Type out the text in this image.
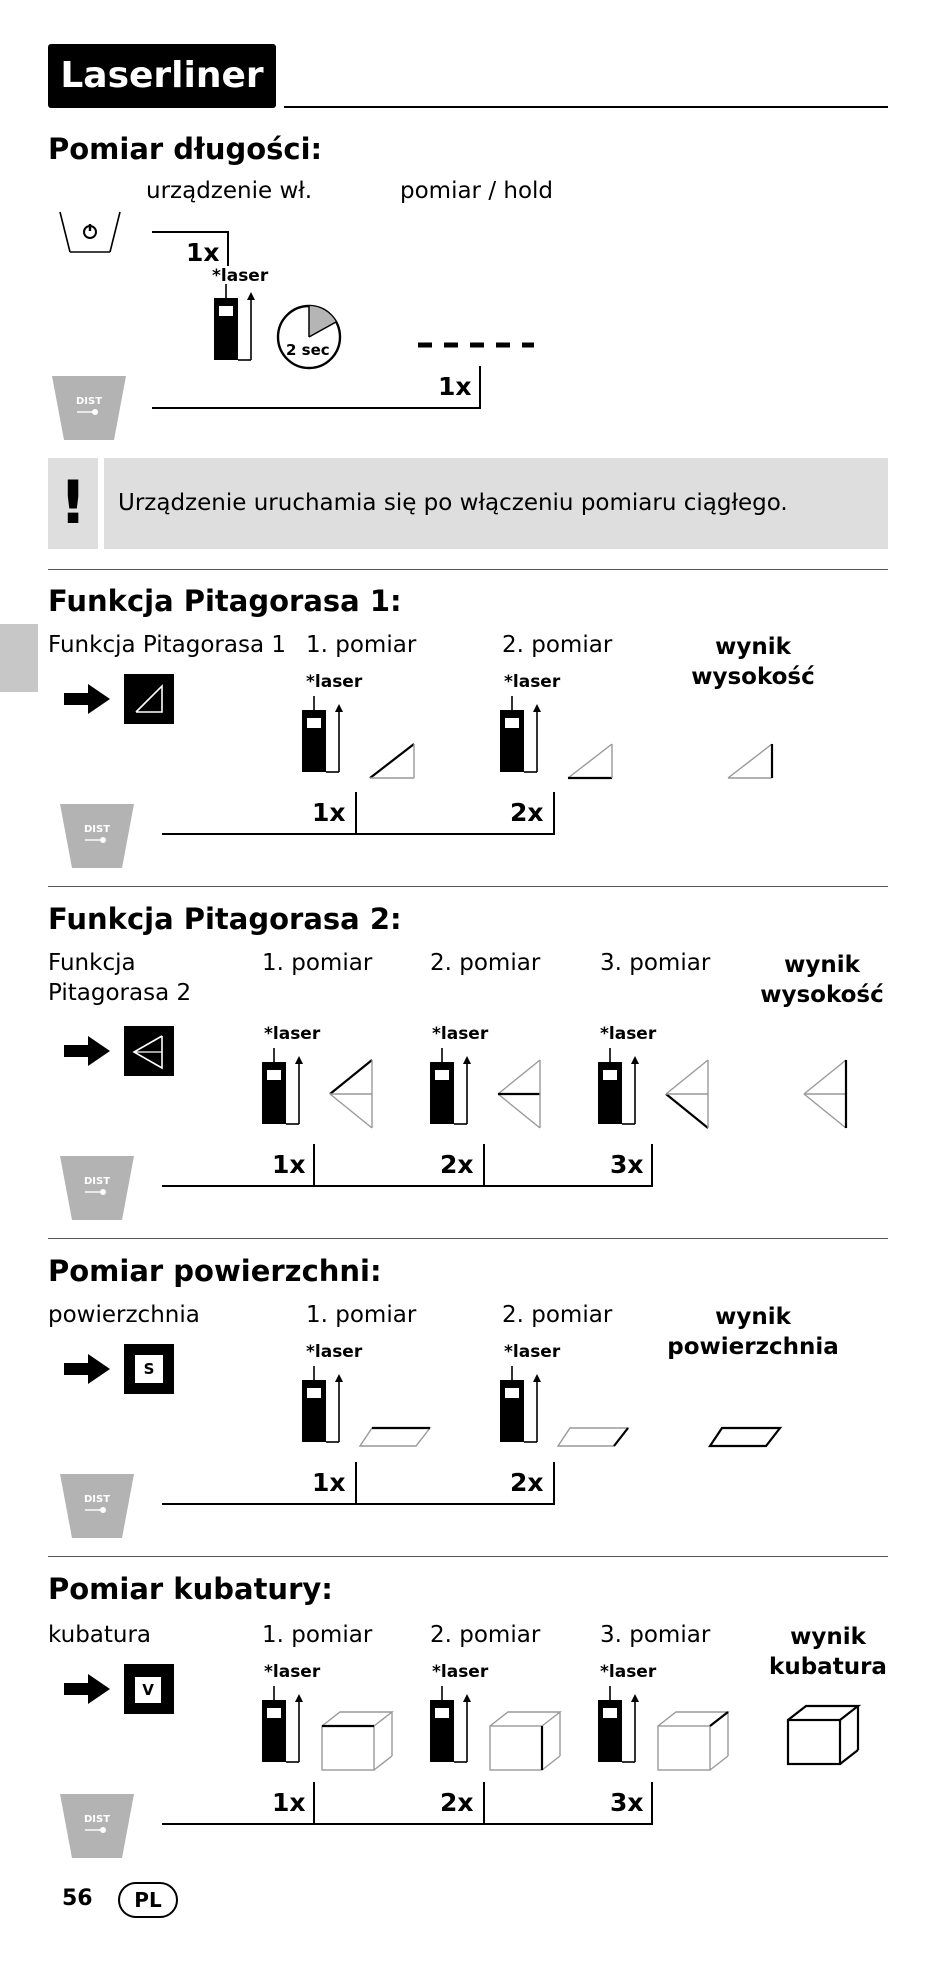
Laserliner
Pomiar długości:
urządzenie wł.	pomiar / hold
1x
*laser
2 sec
DIST
1x
!	Urządzenie uruchamia się po włączeniu pomiaru ciągłego.
Funkcja Pitagorasa 1:
Funkcja Pitagorasa 1 1. pomiar	2. pomiar	wynik
wysokość
*laser	*laser
DIST
1x	2x
Funkcja Pitagorasa 2:
Funkcja
Pitagorasa 2
1. pomiar	2. pomiar	3. pomiar	wynik
wysokość
*laser	*laser	*laser
DIST
1x	2x	3x
Pomiar powierzchni:
powierzchnia	1. pomiar	2. pomiar	wynik
powierzchnia
S
*laser	*laser
DIST
1x	2x
Pomiar kubatury:
kubatura	1. pomiar	2. pomiar	3. pomiar	wynik
kubatura
V
*laser	*laser	*laser
DIST
1x	2x	3x
56	PL
